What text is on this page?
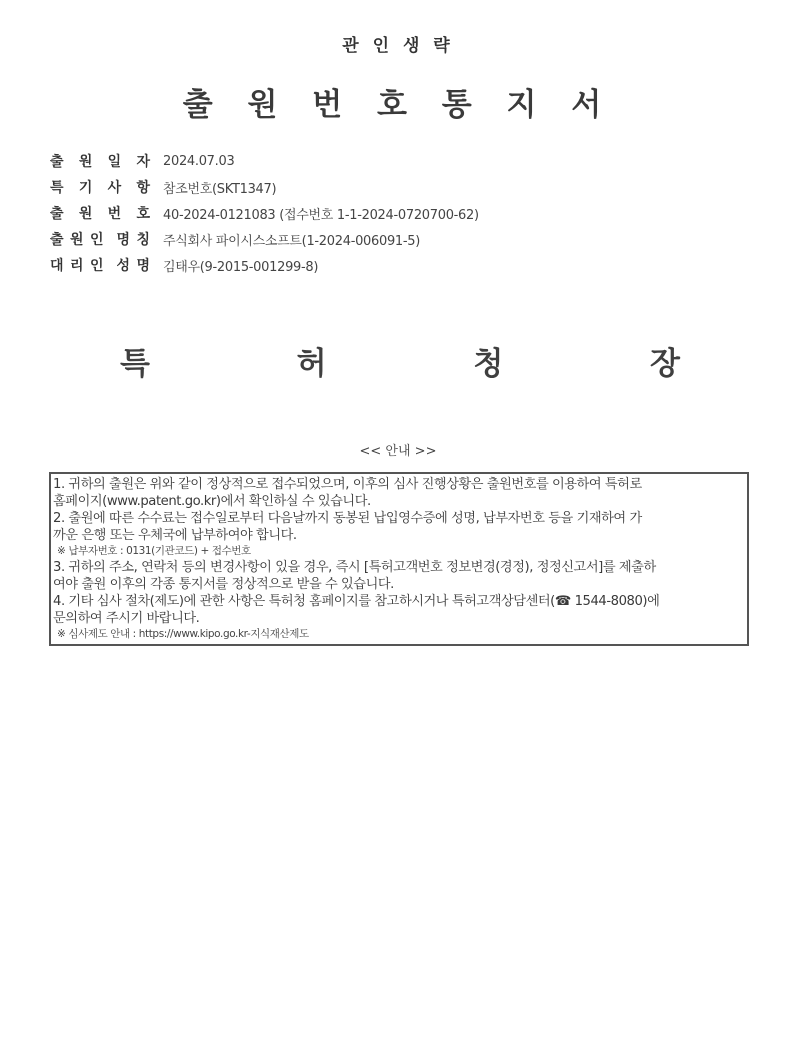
관 인 생 략
출 원 번 호 통 지 서
출 원 일 자 2024.07.03
특 기 사 항 참조번호(SKT1347)
출 원 번 호 40-2024-0121083 (접수번호 1-1-2024-0720700-62)
출 원 인 명 칭 주식회사 파이시스소프트(1-2024-006091-5)
대 리 인 성 명 김태우(9-2015-001299-8)
특	허	청	장
<< 안내 >>
1. 귀하의 출원은 위와 같이 정상적으로 접수되었으며, 이후의 심사 진행상황은 출원번호를 이용하여 특허로
홈페이지(www.patent.go.kr)에서 확인하실 수 있습니다.
2. 출원에 따른 수수료는 접수일로부터 다음날까지 동봉된 납입영수증에 성명, 납부자번호 등을 기재하여 가
까운 은행 또는 우체국에 납부하여야 합니다.
※ 납부자번호 : 0131(기관코드) + 접수번호
3. 귀하의 주소, 연락처 등의 변경사항이 있을 경우, 즉시 [특허고객번호 정보변경(경정), 정정신고서]를 제출하
여야 출원 이후의 각종 통지서를 정상적으로 받을 수 있습니다.
4. 기타 심사 절차(제도)에 관한 사항은 특허청 홈페이지를 참고하시거나 특허고객상담센터(☎ 1544-8080)에
문의하여 주시기 바랍니다.
※ 심사제도 안내 : https://www.kipo.go.kr-지식재산제도
